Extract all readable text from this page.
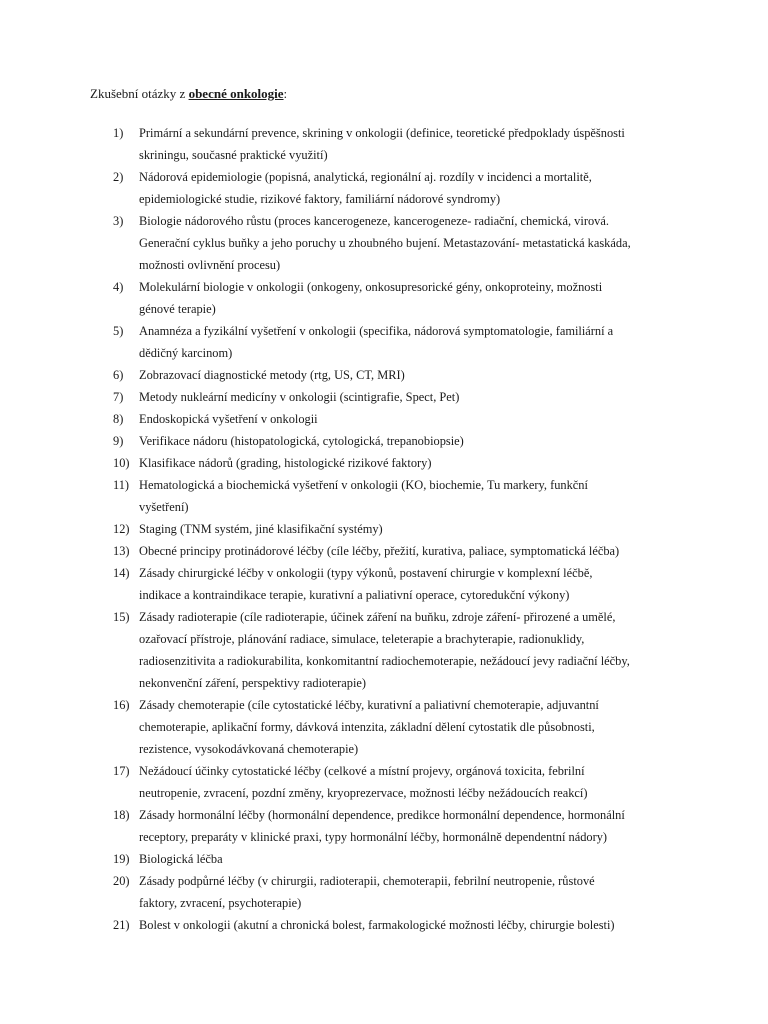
Zkušební otázky z obecné onkologie:
1)	Primární a sekundární prevence, skrining v onkologii (definice, teoretické předpoklady úspěšnosti
skriningu, současné praktické využití)
2)	Nádorová epidemiologie (popisná, analytická, regionální aj. rozdíly v incidenci a mortalitě,
epidemiologické studie, rizikové faktory, familiární nádorové syndromy)
3)	Biologie nádorového růstu (proces kancerogeneze, kancerogeneze- radiační, chemická, virová.
Generační cyklus buňky a jeho poruchy u zhoubného bujení. Metastazování- metastatická kaskáda,
možnosti ovlivnění procesu)
4)	Molekulární biologie v onkologii (onkogeny, onkosupresorické gény, onkoproteiny, možnosti
génové terapie)
5)	Anamnéza a fyzikální vyšetření v onkologii (specifika, nádorová symptomatologie, familiární a
dědičný karcinom)
6)	Zobrazovací diagnostické metody (rtg, US, CT, MRI)
7)	Metody nukleární medicíny v onkologii (scintigrafie, Spect, Pet)
8)	Endoskopická vyšetření v onkologii
9)	Verifikace nádoru (histopatologická, cytologická, trepanobiopsie)
10) Klasifikace nádorů (grading, histologické rizikové faktory)
11) Hematologická a biochemická vyšetření v onkologii (KO, biochemie, Tu markery, funkční
vyšetření)
12) Staging (TNM systém, jiné klasifikační systémy)
13) Obecné principy protinádorové léčby (cíle léčby, přežití, kurativa, paliace, symptomatická léčba)
14) Zásady chirurgické léčby v onkologii (typy výkonů, postavení chirurgie v komplexní léčbě,
indikace a kontraindikace terapie, kurativní a paliativní operace, cytoredukční výkony)
15) Zásady radioterapie (cíle radioterapie, účinek záření na buňku, zdroje záření- přirozené a umělé,
ozařovací přístroje, plánování radiace, simulace, teleterapie a brachyterapie, radionuklidy,
radiosenzitivita a radiokurabilita, konkomitantní radiochemoterapie, nežádoucí jevy radiační léčby,
nekonvenční záření, perspektivy radioterapie)
16) Zásady chemoterapie (cíle cytostatické léčby, kurativní a paliativní chemoterapie, adjuvantní
chemoterapie, aplikační formy, dávková intenzita, základní dělení cytostatik dle působnosti,
rezistence, vysokodávkovaná chemoterapie)
17) Nežádoucí účinky cytostatické léčby (celkové a místní projevy, orgánová toxicita, febrilní
neutropenie, zvracení, pozdní změny, kryoprezervace, možnosti léčby nežádoucích reakcí)
18) Zásady hormonální léčby (hormonální dependence, predikce hormonální dependence, hormonální
receptory, preparáty v klinické praxi, typy hormonální léčby, hormonálně dependentní nádory)
19) Biologická léčba
20) Zásady podpůrné léčby (v chirurgii, radioterapii, chemoterapii, febrilní neutropenie, růstové
faktory, zvracení, psychoterapie)
21) Bolest v onkologii (akutní a chronická bolest, farmakologické možnosti léčby, chirurgie bolesti)
